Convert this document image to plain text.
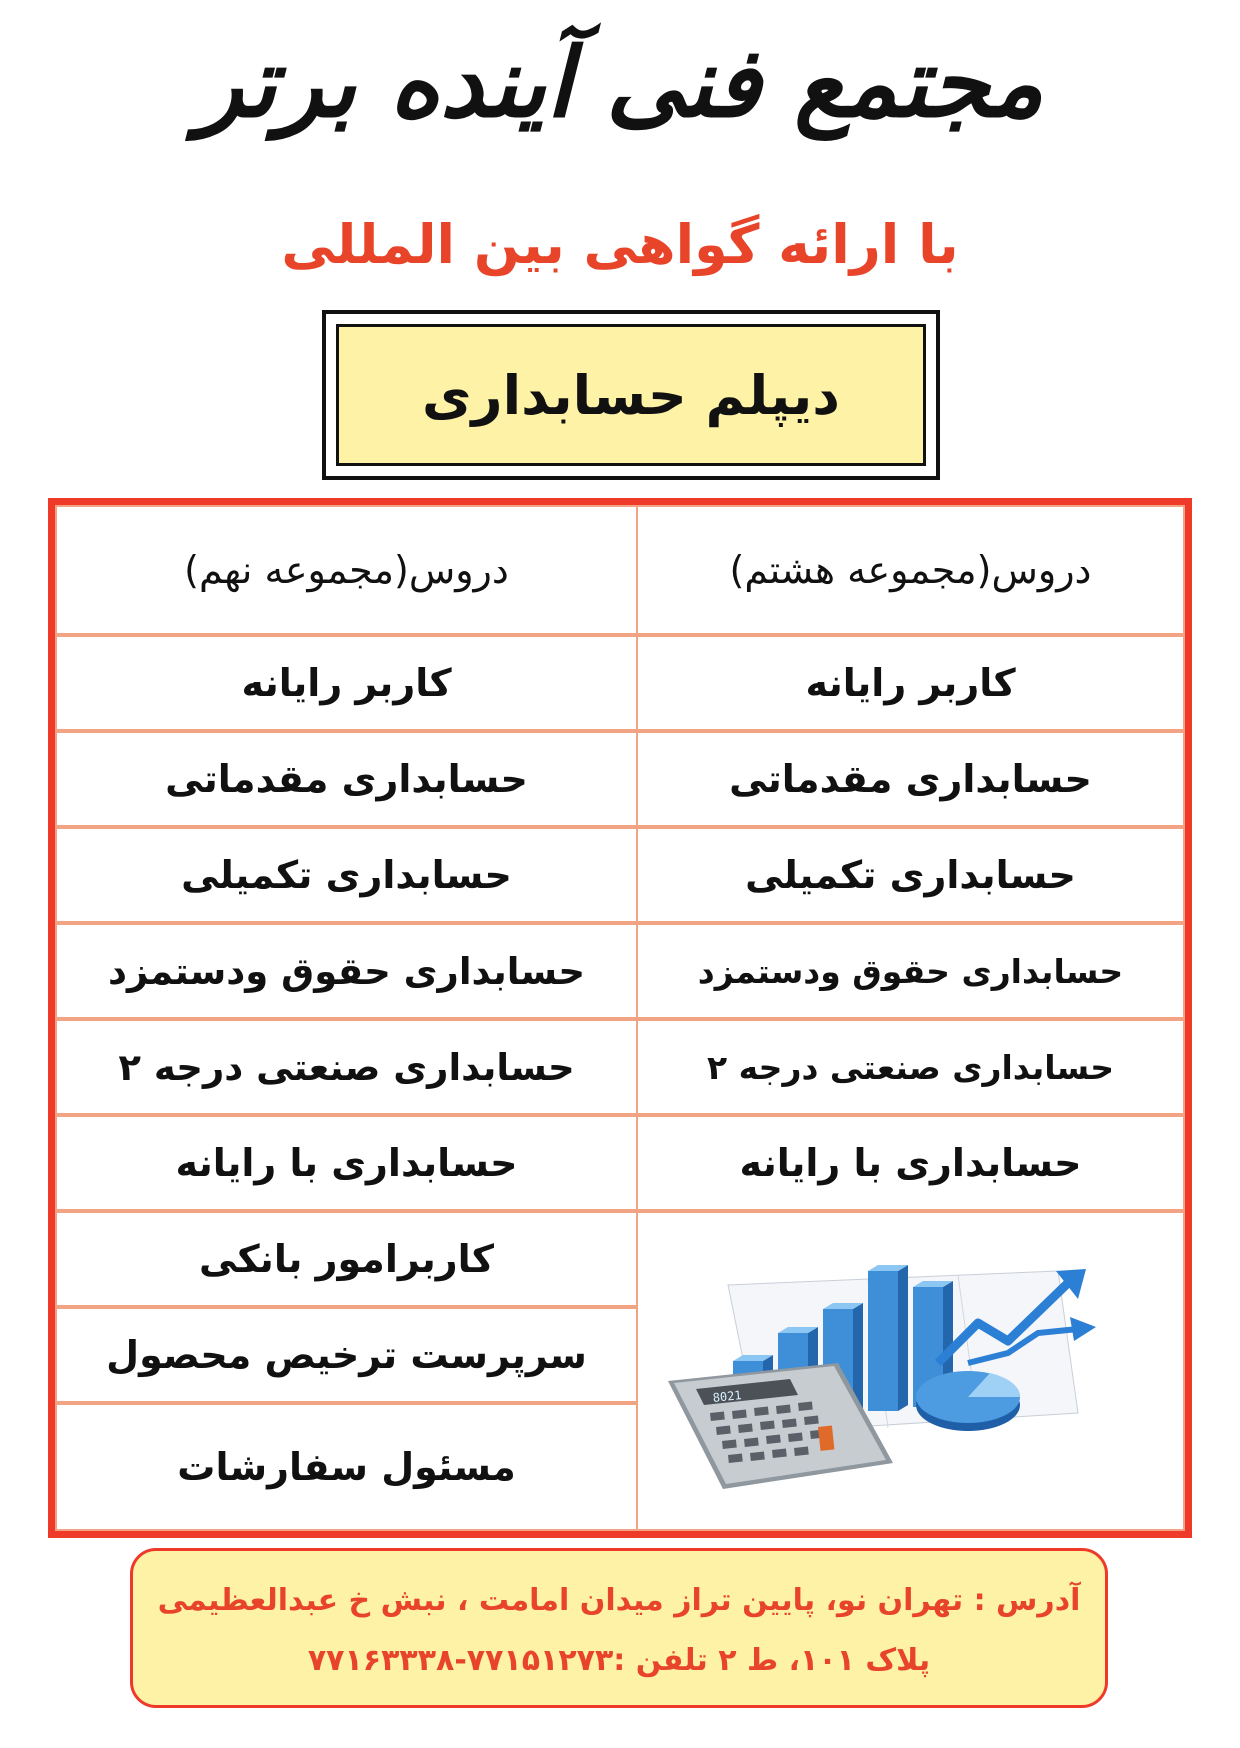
مجتمع فنی آینده برتر
با ارائه گواهی بین المللی
دیپلم حسابداری
دروس(مجموعه هشتم)
کاربر رایانه
حسابداری مقدماتی
حسابداری تکمیلی
حسابداری حقوق ودستمزد
حسابداری صنعتی درجه ۲
حسابداری با رایانه
8021
دروس(مجموعه نهم)
کاربر رایانه
حسابداری مقدماتی
حسابداری تکمیلی
حسابداری حقوق ودستمزد
حسابداری صنعتی درجه ۲
حسابداری با رایانه
کاربرامور بانکی
سرپرست ترخیص محصول
مسئول سفارشات
آدرس : تهران نو، پایین تراز میدان امامت ، نبش خ عبدالعظیمی
پلاک ۱۰۱، ط ۲ تلفن :۷۷۱۵۱۲۷۳-۷۷۱۶۳۳۳۸
